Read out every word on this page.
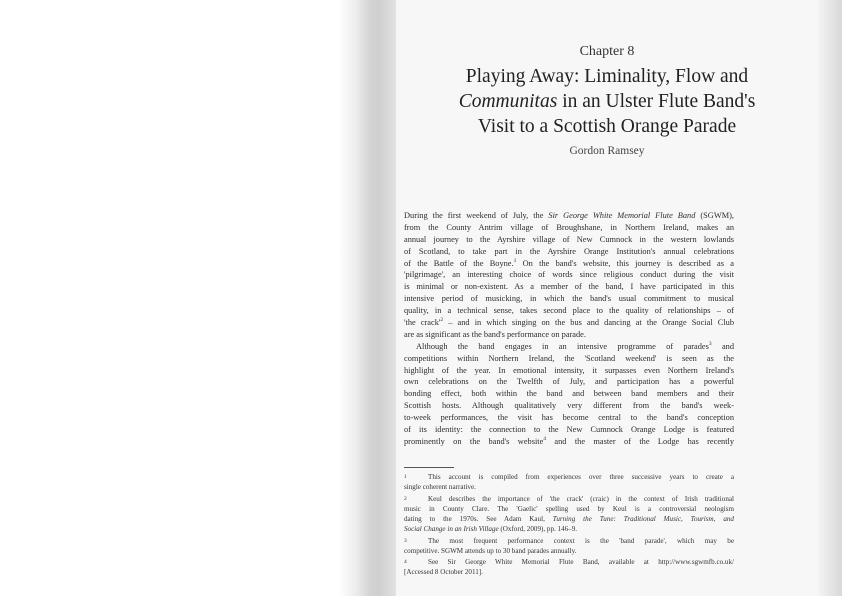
Chapter 8
Playing Away: Liminality, Flow and
Communitas in an Ulster Flute Band's
Visit to a Scottish Orange Parade
Gordon Ramsey
During the first weekend of July, the Sir George White Memorial Flute Band (SGWM),
from the County Antrim village of Broughshane, in Northern Ireland, makes an
annual journey to the Ayrshire village of New Cumnock in the western lowlands
of Scotland, to take part in the Ayrshire Orange Institution's annual celebrations
of the Battle of the Boyne.$^1$ On the band's website, this journey is described as a
'pilgrimage', an interesting choice of words since religious conduct during the visit
is minimal or non-existent. As a member of the band, I have participated in this
intensive period of musicking, in which the band's usual commitment to musical
quality, in a technical sense, takes second place to the quality of relationships – of
'the $crack'^2$ – and in which singing on the bus and dancing at the Orange Social Club
are as significant as the band's performance on parade.
Although the band engages in an intensive programme of parades$^3$ and
competitions within Northern Ireland, the 'Scotland weekend' is seen as the
highlight of the year. In emotional intensity, it surpasses even Northern Ireland's
own celebrations on the Twelfth of July, and participation has a powerful
bonding effect, both within the band and between band members and their
Scottish hosts. Although qualitatively very different from the band's week-
to-week performances, the visit has become central to the band's conception
of its identity: the connection to the New Cumnock Orange Lodge is featured
prominently on the band's website$^4$ and the master of the Lodge has recently
1	This account is compiled from experiences over three successive years to create a
single coherent narrative.
2	Keul describes the importance of 'the crack' (craic) in the context of Irish traditional
music in County Clare. The 'Gaelic' spelling used by Keul is a controversial neologism
dating to the 1970s. See Adam Kaul, Turning the Tune: Traditional Music, Tourism, and
Social Change in an Irish Village (Oxford, 2009), pp. 146–9.
3	The most frequent performance context is the 'band parade', which may be
competitive. SGWM attends up to 30 band parades annually.
4	See Sir George White Memorial Flute Band, available at http://www.sgwmfb.co.uk/
[Accessed 8 October 2011].
